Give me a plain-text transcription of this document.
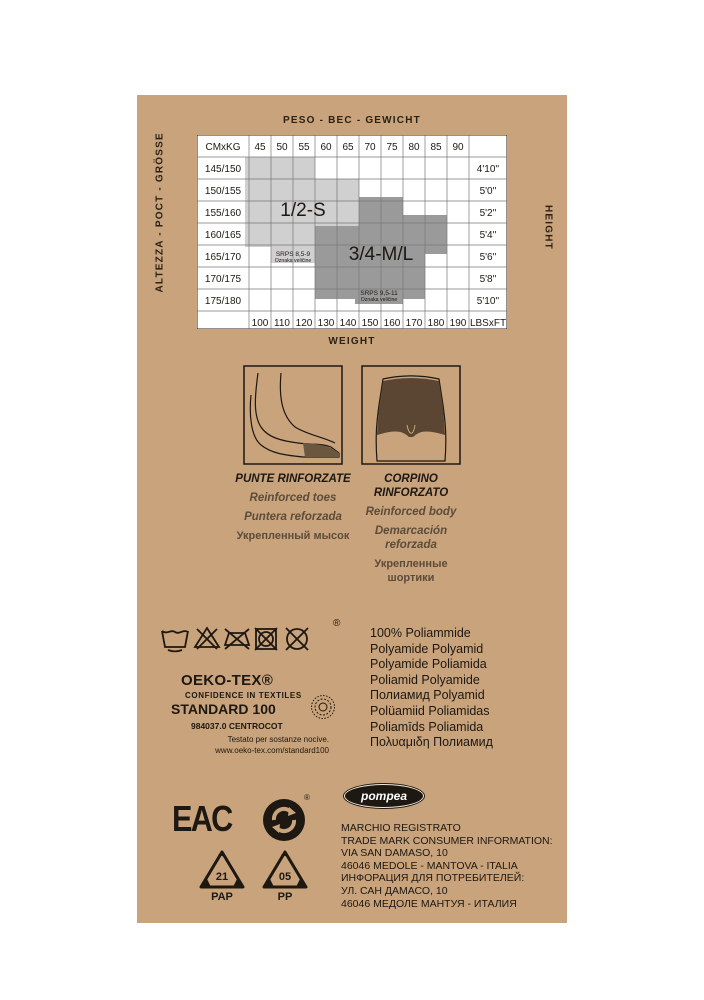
PESO - BEC - GEWICHT
WEIGHT
ALTEZZA - POCT - GRÖSSE	HEIGHT
CMxKG 45 50 55 60 65 70 75 80 85 90
145/150
150/155
155/160
160/165
165/170
170/175
175/180
4'10''
5'0''
5'2''
5'4''
5'6''
5'8''
5'10''
100 110 120 130 140 150 160 170 180 190 LBSxFT
1/2-S
3/4-M/L
SRPS 8,5-9
Oznaka veličine
SRPS 9,5-11
Oznaka veličine
PUNTE RINFORZATE
Reinforced toes
Puntera reforzada
Укрепленный мысок
CORPINO RINFORZATO
Reinforced body
Demarcación reforzada
Укрепленные шортики
®
OEKO-TEX®
CONFIDENCE IN TEXTILES
STANDARD 100
984037.0 CENTROCOT
Testato per sostanze nocive.
www.oeko-tex.com/standard100
100% Poliammide
Polyamide Polyamid
Polyamide Poliamida
Poliamid Polyamide
Полиамид Polyamid
Polüamiid Poliamidas
Poliamīds Poliamida
Πολυαμιδη Полиамид
pompea
EAC
®
21
PAP
05
PP
MARCHIO REGISTRATO
TRADE MARK CONSUMER INFORMATION:
VIA SAN DAMASO, 10
46046 MEDOLE - MANTOVA - ITALIA
ИНФОРАЦИЯ ДЛЯ ПОТРЕБИТЕЛЕЙ:
УЛ. САН ДАМАСО, 10
46046 МЕДОЛЕ МАНТУЯ - ИТАЛИЯ
